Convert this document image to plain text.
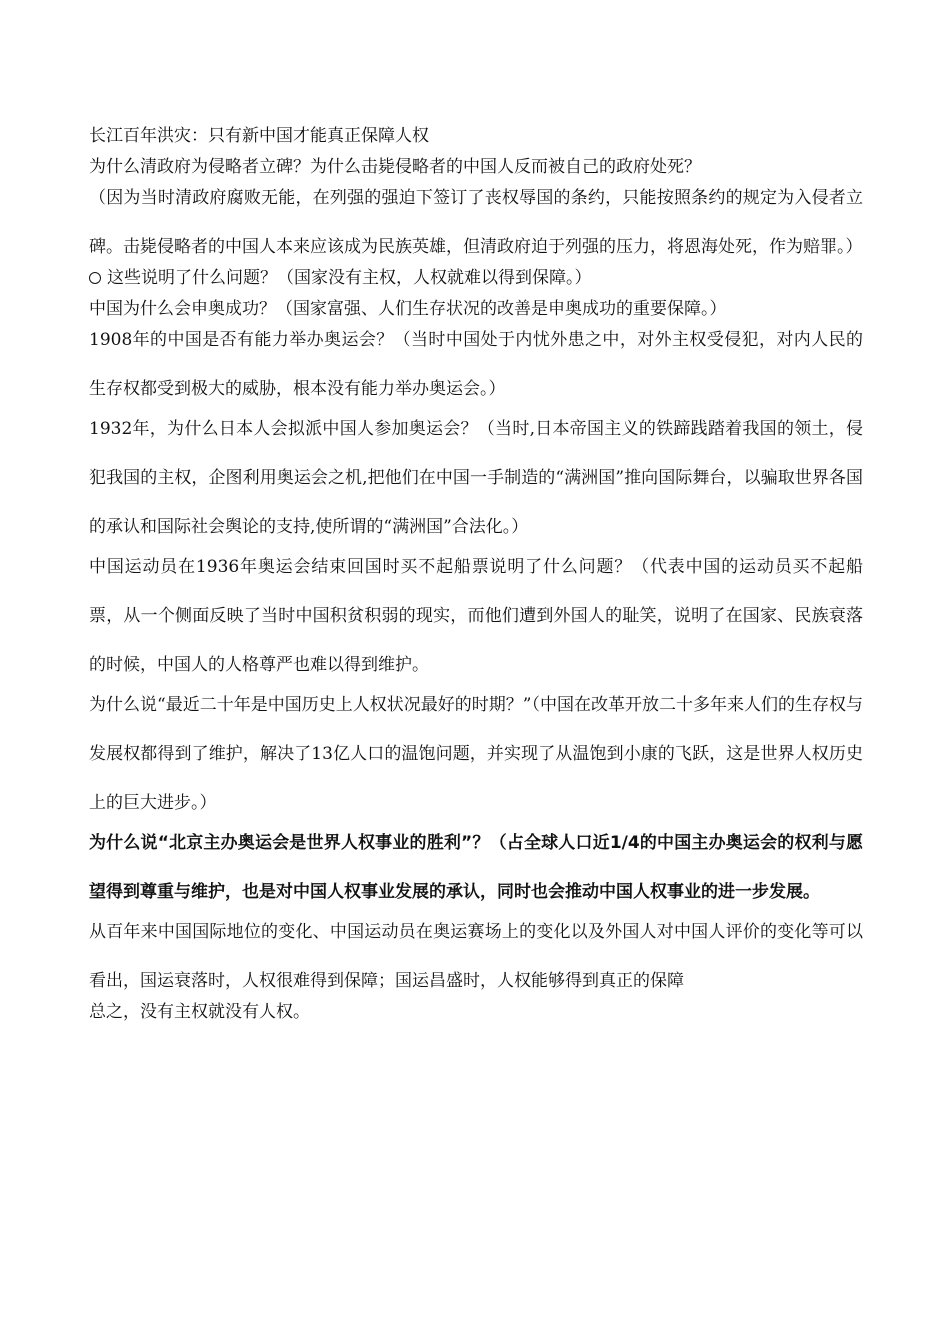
长江百年洪灾：只有新中国才能真正保障人权

为什么清政府为侵略者立碑？为什么击毙侵略者的中国人反而被自己的政府处死？

（因为当时清政府腐败无能，在列强的强迫下签订了丧权辱国的条约，只能按照条约的规定为入侵者立碑。击毙侵略者的中国人本来应该成为民族英雄，但清政府迫于列强的压力，将恩海处死，作为赔罪。）

这些说明了什么问题？（国家没有主权，人权就难以得到保障。）

中国为什么会申奥成功？（国家富强、人们生存状况的改善是申奥成功的重要保障。）

1908年的中国是否有能力举办奥运会？（当时中国处于内忧外患之中，对外主权受侵犯，对内人民的生存权都受到极大的威胁，根本没有能力举办奥运会。）

1932年，为什么日本人会拟派中国人参加奥运会？（当时,日本帝国主义的铁蹄践踏着我国的领土，侵犯我国的主权，企图利用奥运会之机,把他们在中国一手制造的“满洲国”推向国际舞台，以骗取世界各国的承认和国际社会舆论的支持,使所谓的“满洲国”合法化。）

中国运动员在1936年奥运会结束回国时买不起船票说明了什么问题？（代表中国的运动员买不起船票，从一个侧面反映了当时中国积贫积弱的现实，而他们遭到外国人的耻笑，说明了在国家、民族衰落的时候，中国人的人格尊严也难以得到维护。

为什么说“最近二十年是中国历史上人权状况最好的时期？”（中国在改革开放二十多年来人们的生存权与发展权都得到了维护，解决了13亿人口的温饱问题，并实现了从温饱到小康的飞跃，这是世界人权历史上的巨大进步。）

为什么说“北京主办奥运会是世界人权事业的胜利”？（占全球人口近1/4的中国主办奥运会的权利与愿望得到尊重与维护，也是对中国人权事业发展的承认，同时也会推动中国人权事业的进一步发展。

从百年来中国国际地位的变化、中国运动员在奥运赛场上的变化以及外国人对中国人评价的变化等可以看出，国运衰落时，人权很难得到保障；国运昌盛时，人权能够得到真正的保障

总之，没有主权就没有人权。
